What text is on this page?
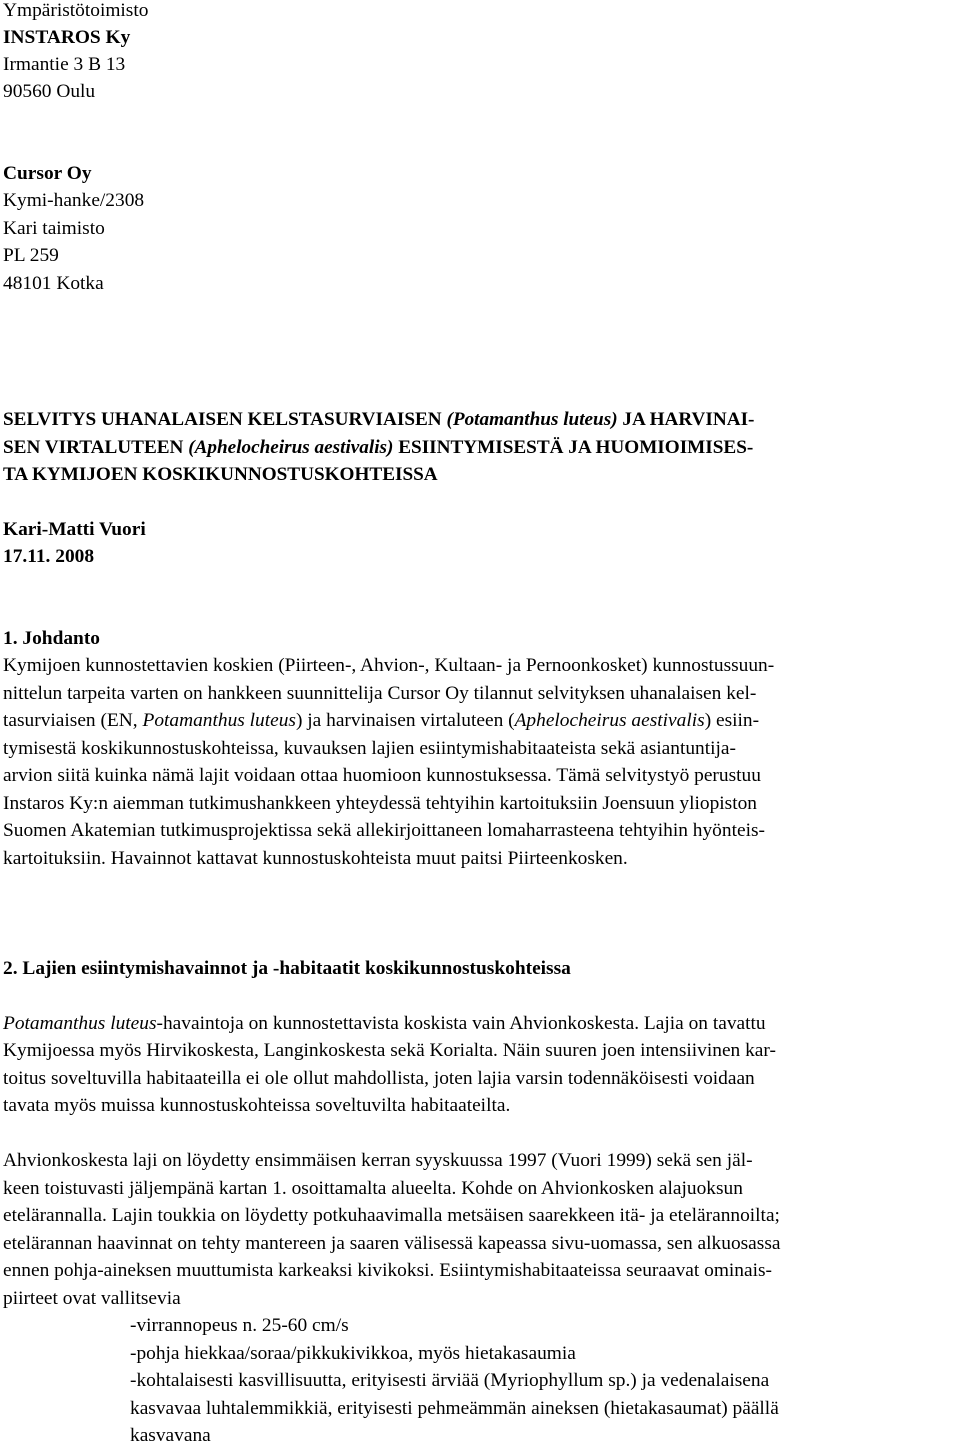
Ympäristötoimisto
INSTAROS Ky
Irmantie 3 B 13
90560 Oulu
Cursor Oy
Kymi-hanke/2308
Kari taimisto
PL 259
48101 Kotka
SELVITYS UHANALAISEN KELSTASURVIAISEN (Potamanthus luteus) JA HARVINAI-
SEN VIRTALUTEEN (Aphelocheirus aestivalis) ESIINTYMISESTÄ JA HUOMIOIMISES-
TA KYMIJOEN KOSKIKUNNOSTUSKOHTEISSA
Kari-Matti Vuori
17.11. 2008
1. Johdanto
Kymijoen kunnostettavien koskien (Piirteen-, Ahvion-, Kultaan- ja Pernoonkosket) kunnostussuun-
nittelun tarpeita varten on hankkeen suunnittelija Cursor Oy tilannut selvityksen uhanalaisen kel-
tasurviaisen (EN, Potamanthus luteus) ja harvinaisen virtaluteen (Aphelocheirus aestivalis) esiin-
tymisestä koskikunnostuskohteissa, kuvauksen lajien esiintymishabitaateista sekä asiantuntija-
arvion siitä kuinka nämä lajit voidaan ottaa huomioon kunnostuksessa. Tämä selvitystyö perustuu
Instaros Ky:n aiemman tutkimushankkeen yhteydessä tehtyihin kartoituksiin Joensuun yliopiston
Suomen Akatemian tutkimusprojektissa sekä allekirjoittaneen lomaharrasteena tehtyihin hyönteis-
kartoituksiin. Havainnot kattavat kunnostuskohteista muut paitsi Piirteenkosken.
2. Lajien esiintymishavainnot ja -habitaatit koskikunnostuskohteissa
Potamanthus luteus-havaintoja on kunnostettavista koskista vain Ahvionkoskesta. Lajia on tavattu
Kymijoessa myös Hirvikoskesta, Langinkoskesta sekä Korialta. Näin suuren joen intensiivinen kar-
toitus soveltuvilla habitaateilla ei ole ollut mahdollista, joten lajia varsin todennäköisesti voidaan
tavata myös muissa kunnostuskohteissa soveltuvilta habitaateilta.
Ahvionkoskesta laji on löydetty ensimmäisen kerran syyskuussa 1997 (Vuori 1999) sekä sen jäl-
keen toistuvasti jäljempänä kartan 1. osoittamalta alueelta. Kohde on Ahvionkosken alajuoksun
etelärannalla. Lajin toukkia on löydetty potkuhaavimalla metsäisen saarekkeen itä- ja etelärannoilta;
etelärannan haavinnat on tehty mantereen ja saaren välisessä kapeassa sivu-uomassa, sen alkuosassa
ennen pohja-aineksen muuttumista karkeaksi kivikoksi. Esiintymishabitaateissa seuraavat ominais-
piirteet ovat vallitsevia
-virrannopeus n. 25-60 cm/s
-pohja hiekkaa/soraa/pikkukivikkoa, myös hietakasaumia
-kohtalaisesti kasvillisuutta, erityisesti ärviää (Myriophyllum sp.) ja vedenalaisena
kasvavaa luhtalemmikkiä, erityisesti pehmeämmän aineksen (hietakasaumat) päällä
kasvavana
